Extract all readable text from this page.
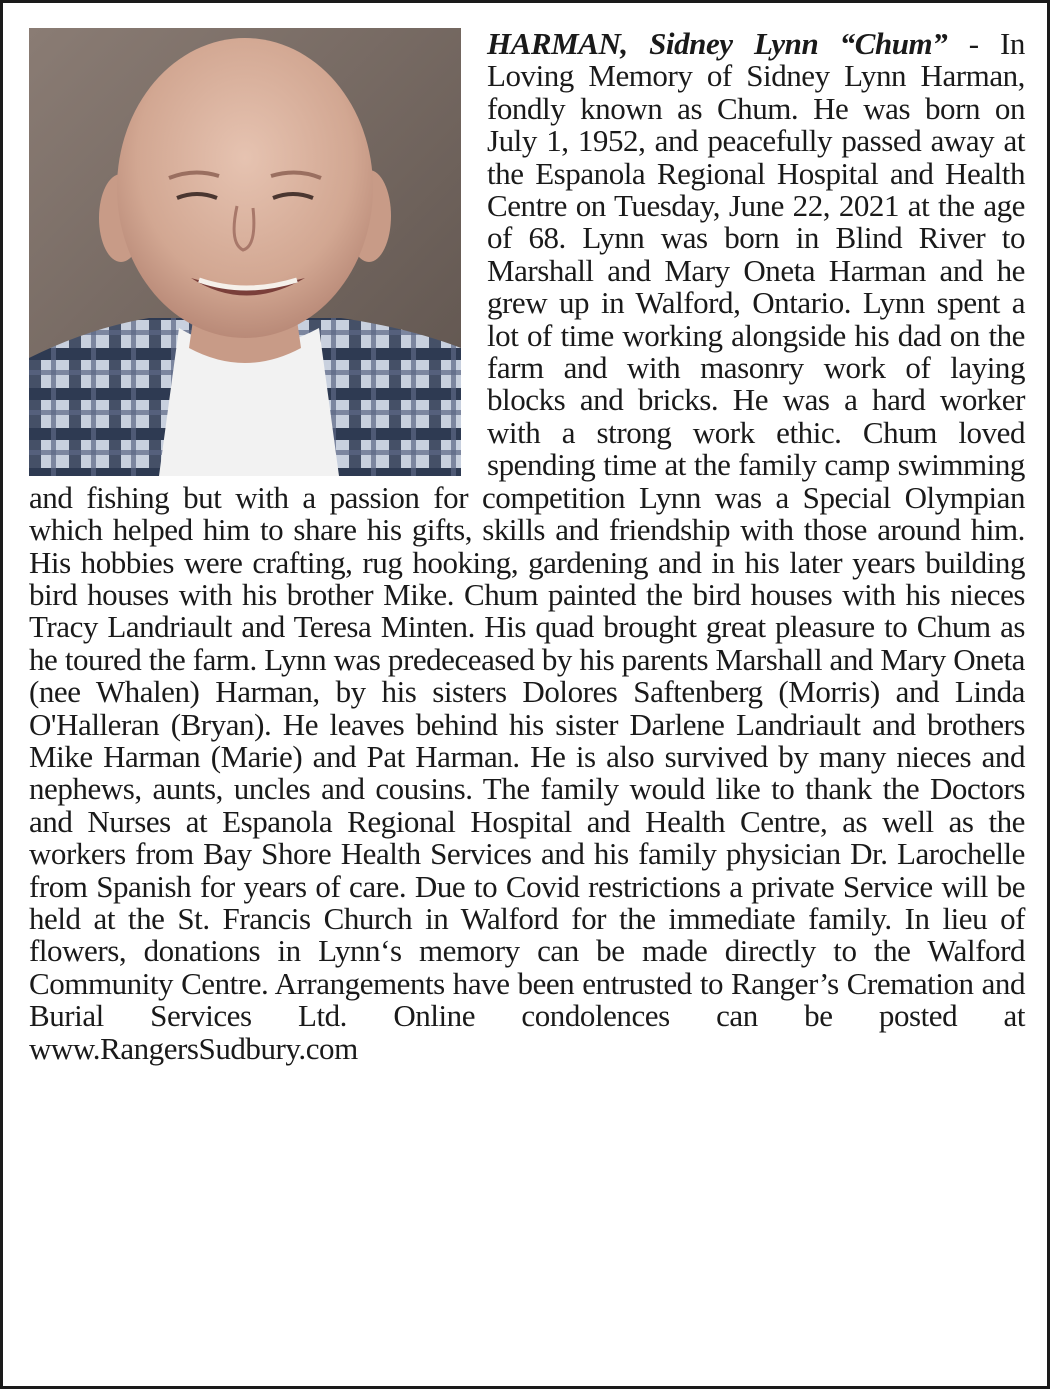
HARMAN, Sidney Lynn “Chum” - In Loving Memory of Sidney Lynn Harman, fondly known as Chum. He was born on July 1, 1952, and peacefully passed away at the Espanola Regional Hospital and Health Centre on Tuesday, June 22, 2021 at the age of 68. Lynn was born in Blind River to Marshall and Mary Oneta Harman and he grew up in Walford, Ontario. Lynn spent a lot of time working alongside his dad on the farm and with masonry work of laying blocks and bricks. He was a hard worker with a strong work ethic. Chum loved spending time at the family camp swimming and fishing but with a passion for competition Lynn was a Special Olympian which helped him to share his gifts, skills and friendship with those around him. His hobbies were crafting, rug hooking, gardening and in his later years building bird houses with his brother Mike. Chum painted the bird houses with his nieces Tracy Landriault and Teresa Minten. His quad brought great pleasure to Chum as he toured the farm. Lynn was predeceased by his parents Marshall and Mary Oneta (nee Whalen) Harman, by his sisters Dolores Saftenberg (Morris) and Linda O'Halleran (Bryan). He leaves behind his sister Darlene Landriault and brothers Mike Harman (Marie) and Pat Harman. He is also survived by many nieces and nephews, aunts, uncles and cousins. The family would like to thank the Doctors and Nurses at Espanola Regional Hospital and Health Centre, as well as the workers from Bay Shore Health Services and his family physician Dr. Larochelle from Spanish for years of care. Due to Covid restrictions a private Service will be held at the St. Francis Church in Walford for the immediate family. In lieu of flowers, donations in Lynn‘s memory can be made directly to the Walford Community Centre. Arrangements have been entrusted to Ranger’s Cremation and Burial Services Ltd. Online condolences can be posted at www.RangersSudbury.com
